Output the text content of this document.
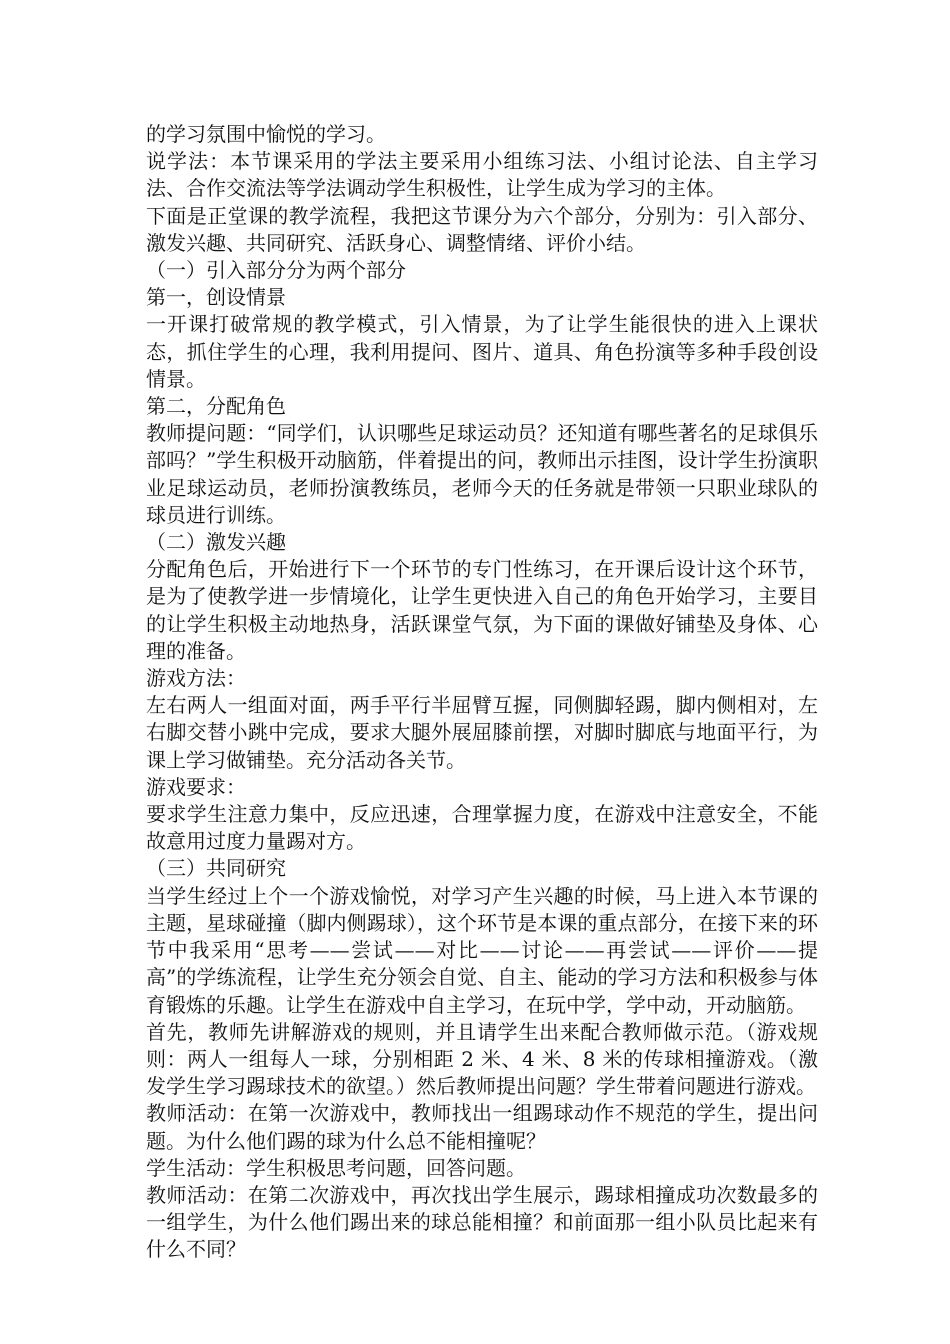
的学习氛围中愉悦的学习。

说学法：本节课采用的学法主要采用小组练习法、小组讨论法、自主学习法、合作交流法等学法调动学生积极性，让学生成为学习的主体。

下面是正堂课的教学流程，我把这节课分为六个部分，分别为：引入部分、激发兴趣、共同研究、活跃身心、调整情绪、评价小结。

（一）引入部分分为两个部分

第一，创设情景

一开课打破常规的教学模式，引入情景，为了让学生能很快的进入上课状态，抓住学生的心理，我利用提问、图片、道具、角色扮演等多种手段创设情景。

第二，分配角色

教师提问题：“同学们，认识哪些足球运动员？还知道有哪些著名的足球俱乐部吗？”学生积极开动脑筋，伴着提出的问，教师出示挂图，设计学生扮演职业足球运动员，老师扮演教练员，老师今天的任务就是带领一只职业球队的球员进行训练。

（二）激发兴趣

分配角色后，开始进行下一个环节的专门性练习，在开课后设计这个环节，是为了使教学进一步情境化，让学生更快进入自己的角色开始学习，主要目的让学生积极主动地热身，活跃课堂气氛，为下面的课做好铺垫及身体、心理的准备。

游戏方法：

左右两人一组面对面，两手平行半屈臂互握，同侧脚轻踢，脚内侧相对，左右脚交替小跳中完成，要求大腿外展屈膝前摆，对脚时脚底与地面平行，为课上学习做铺垫。充分活动各关节。

游戏要求：

要求学生注意力集中，反应迅速，合理掌握力度，在游戏中注意安全，不能故意用过度力量踢对方。

（三）共同研究

当学生经过上个一个游戏愉悦，对学习产生兴趣的时候，马上进入本节课的主题，星球碰撞（脚内侧踢球），这个环节是本课的重点部分，在接下来的环节中我采用“思考——尝试——对比——讨论——再尝试——评价——提高”的学练流程，让学生充分领会自觉、自主、能动的学习方法和积极参与体育锻炼的乐趣。让学生在游戏中自主学习，在玩中学，学中动，开动脑筋。

首先，教师先讲解游戏的规则，并且请学生出来配合教师做示范。（游戏规则：两人一组每人一球，分别相距 2 米、4 米、8 米的传球相撞游戏。（激发学生学习踢球技术的欲望。）然后教师提出问题？学生带着问题进行游戏。

教师活动：在第一次游戏中，教师找出一组踢球动作不规范的学生，提出问题。为什么他们踢的球为什么总不能相撞呢？

学生活动：学生积极思考问题，回答问题。

教师活动：在第二次游戏中，再次找出学生展示，踢球相撞成功次数最多的一组学生，为什么他们踢出来的球总能相撞？和前面那一组小队员比起来有什么不同？
